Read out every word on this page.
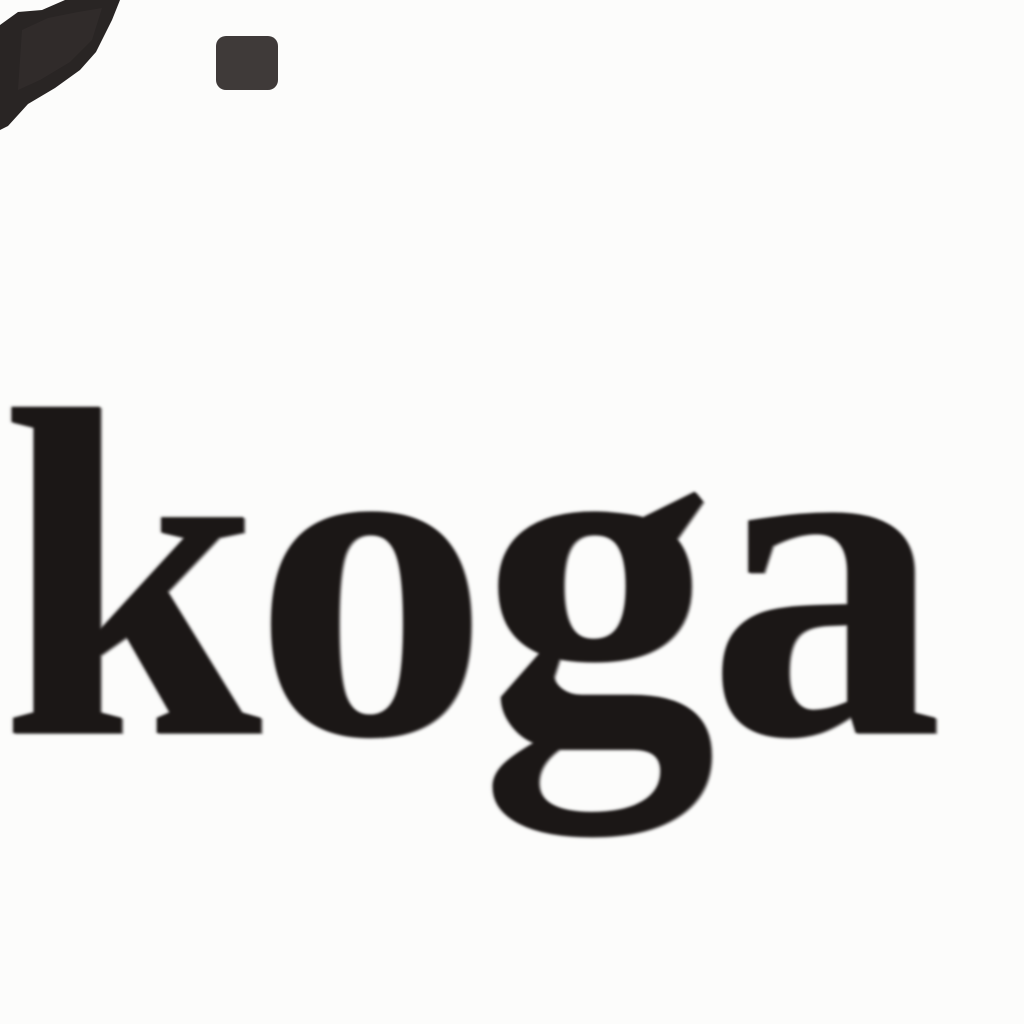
koga
